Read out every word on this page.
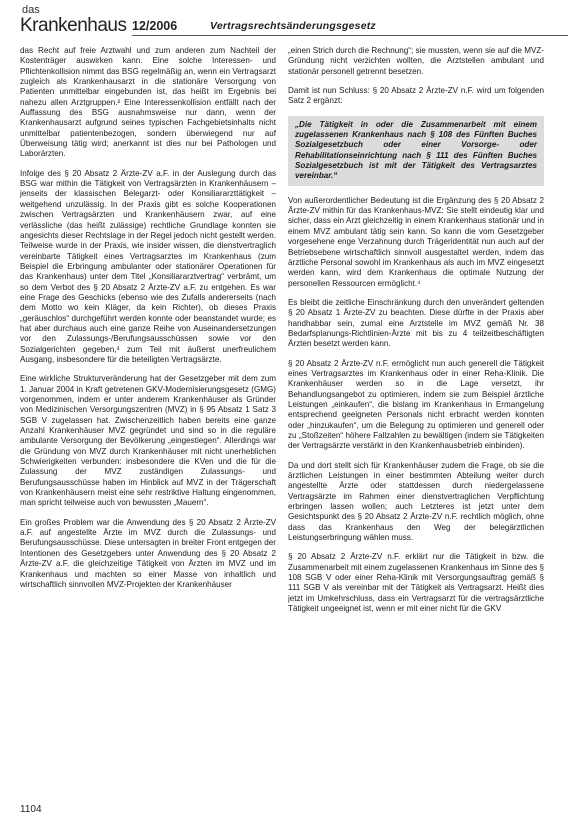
das
Krankenhaus 12/2006	Vertragsrechtsänderungsgesetz

das Recht auf freie Arztwahl und zum anderen zum Nachteil der Kostenträger auswirken kann. Eine solche Interessen- und Pflichtenkollision nimmt das BSG regelmäßig an, wenn ein Vertragsarzt zugleich als Krankenhausarzt in die stationäre Versorgung von Patienten unmittelbar eingebunden ist, das heißt im Ergebnis bei nahezu allen Arztgruppen.² Eine Interessenkollision entfällt nach der Auffassung des BSG ausnahmsweise nur dann, wenn der Krankenhausarzt aufgrund seines typischen Fachgebietsinhalts nicht unmittelbar patientenbezogen, sondern überwiegend nur auf Überweisung tätig wird; anerkannt ist dies nur bei Pathologen und Laborärzten.

Infolge des § 20 Absatz 2 Ärzte-ZV a.F. in der Auslegung durch das BSG war mithin die Tätigkeit von Vertragsärzten in Krankenhäusern – jenseits der klassischen Belegarzt- oder Konsiliararzttätigkeit – weitgehend unzulässig. In der Praxis gibt es solche Kooperationen zwischen Vertragsärzten und Krankenhäusern zwar, auf eine verlässliche (das heißt zulässige) rechtliche Grundlage konnten sie angesichts dieser Rechtslage in der Regel jedoch nicht gestellt werden. Teilweise wurde in der Praxis, wie insider wissen, die dienstvertraglich vereinbarte Tätigkeit eines Vertragsarztes im Krankenhaus (zum Beispiel die Erbringung ambulanter oder stationärer Operationen für das Krankenhaus) unter dem Titel „Konsiliararztvertrag“ verbrämt, um so dem Verbot des § 20 Absatz 2 Ärzte-ZV a.F. zu entgehen. Es war eine Frage des Geschicks (ebenso wie des Zufalls andererseits (nach dem Motto wo kein Kläger, da kein Richter), ob dieses Praxis „geräuschlos“ durchgeführt werden konnte oder beanstandet wurde; es hat aber durchaus auch eine ganze Reihe von Auseinandersetzungen vor den Zulassungs-/Berufungsausschüssen sowie vor den Sozialgerichten gegeben,³ zum Teil mit äußerst unerfreulichem Ausgang, insbesondere für die beteiligten Vertragsärzte.

Eine wirkliche Strukturveränderung hat der Gesetzgeber mit dem zum 1. Januar 2004 in Kraft getretenen GKV-Modernisierungsgesetz (GMG) vorgenommen, indem er unter anderem Krankenhäuser als Gründer von Medizinischen Versorgungszentren (MVZ) in § 95 Absatz 1 Satz 3 SGB V zugelassen hat. Zwischenzeitlich haben bereits eine ganze Anzahl Krankenhäuser MVZ gegründet und sind so in die reguläre ambulante Versorgung der Bevölkerung „eingestiegen“. Allerdings war die Gründung von MVZ durch Krankenhäuser mit nicht unerheblichen Schwierigkeiten verbunden: insbesondere die KVen und die für die Zulassung der MVZ zuständigen Zulassungs- und Berufungsausschüsse haben im Hinblick auf MVZ in der Trägerschaft von Krankenhäusern meist eine sehr restriktive Haltung eingenommen, man spricht teilweise auch von bewussten „Mauern“.

Ein großes Problem war die Anwendung des § 20 Absatz 2 Ärzte-ZV a.F. auf angestellte Ärzte im MVZ durch die Zulassungs- und Berufungsausschüsse. Diese untersagten in breiter Front entgegen der Intentionen des Gesetzgebers unter Anwendung des § 20 Absatz 2 Ärzte-ZV a.F. die gleichzeitige Tätigkeit von Ärzten im MVZ und im Krankenhaus und machten so einer Masse von inhaltlich und wirtschaftlich sinnvollen MVZ-Projekten der Krankenhäuser

„einen Strich durch die Rechnung“; sie mussten, wenn sie auf die MVZ-Gründung nicht verzichten wollten, die Arztstellen ambulant und stationär personell getrennt besetzen.

Damit ist nun Schluss: § 20 Absatz 2 Ärzte-ZV n.F. wird um folgenden Satz 2 ergänzt:

„Die Tätigkeit in oder die Zusammenarbeit mit einem zugelassenen Krankenhaus nach § 108 des Fünften Buches Sozialgesetzbuch oder einer Vorsorge- oder Rehabilitationseinrichtung nach § 111 des Fünften Buches Sozialgesetzbuch ist mit der Tätigkeit des Vertragsarztes vereinbar.“

Von außerordentlicher Bedeutung ist die Ergänzung des § 20 Absatz 2 Ärzte-ZV mithin für das Krankenhaus-MVZ: Sie stellt eindeutig klar und sicher, dass ein Arzt gleichzeitig in einem Krankenhaus stationär und in einem MVZ ambulant tätig sein kann. So kann die vom Gesetzgeber vorgesehene enge Verzahnung durch Trägeridentität nun auch auf der Betriebsebene wirtschaftlich sinnvoll ausgestaltet werden, indem das ärztliche Personal sowohl im Krankenhaus als auch im MVZ eingesetzt werden kann, wird dem Krankenhaus die optimale Nutzung der personellen Ressourcen ermöglicht.⁴

Es bleibt die zeitliche Einschränkung durch den unverändert geltenden § 20 Absatz 1 Ärzte-ZV zu beachten. Diese dürfte in der Praxis aber handhabbar sein, zumal eine Arztstelle im MVZ gemäß Nr. 38 Bedarfsplanungs-Richtlinien-Ärzte mit bis zu 4 teilzeitbeschäftigten Ärzten besetzt werden kann.

§ 20 Absatz 2 Ärzte-ZV n.F. ermöglicht nun auch generell die Tätigkeit eines Vertragsarztes im Krankenhaus oder in einer Reha-Klinik. Die Krankenhäuser werden so in die Lage versetzt, ihr Behandlungsangebot zu optimieren, indem sie zum Beispiel ärztliche Leistungen „einkaufen“, die bislang im Krankenhaus in Ermangelung entsprechend geeigneten Personals nicht erbracht werden konnten oder „hinzukaufen“, um die Belegung zu optimieren und generell oder zu „Stoßzeiten“ höhere Fallzahlen zu bewältigen (indem sie Tätigkeiten der Vertragsärzte verstärkt in den Krankenhausbetrieb einbinden).

Da und dort stellt sich für Krankenhäuser zudem die Frage, ob sie die ärztlichen Leistungen in einer bestimmten Abteilung weiter durch angestellte Ärzte oder stattdessen durch niedergelassene Vertragsärzte im Rahmen einer dienstvertraglichen Verpflichtung erbringen lassen wollen; auch Letzteres ist jetzt unter dem Gesichtspunkt des § 20 Absatz 2 Ärzte-ZV n.F. rechtlich möglich, ohne dass das Krankenhaus den Weg der belegärztlichen Leistungserbringung wählen muss.

§ 20 Absatz 2 Ärzte-ZV n.F. erklärt nur die Tätigkeit in bzw. die Zusammenarbeit mit einem zugelassenen Krankenhaus im Sinne des § 108 SGB V oder einer Reha-Klinik mit Versorgungsauftrag gemäß § 111 SGB V als vereinbar mit der Tätigkeit als Vertragsarzt. Heißt dies jetzt im Umkehrschluss, dass ein Vertragsarzt für die vertragsärztliche Tätigkeit ungeeignet ist, wenn er mit einer nicht für die GKV

1104
